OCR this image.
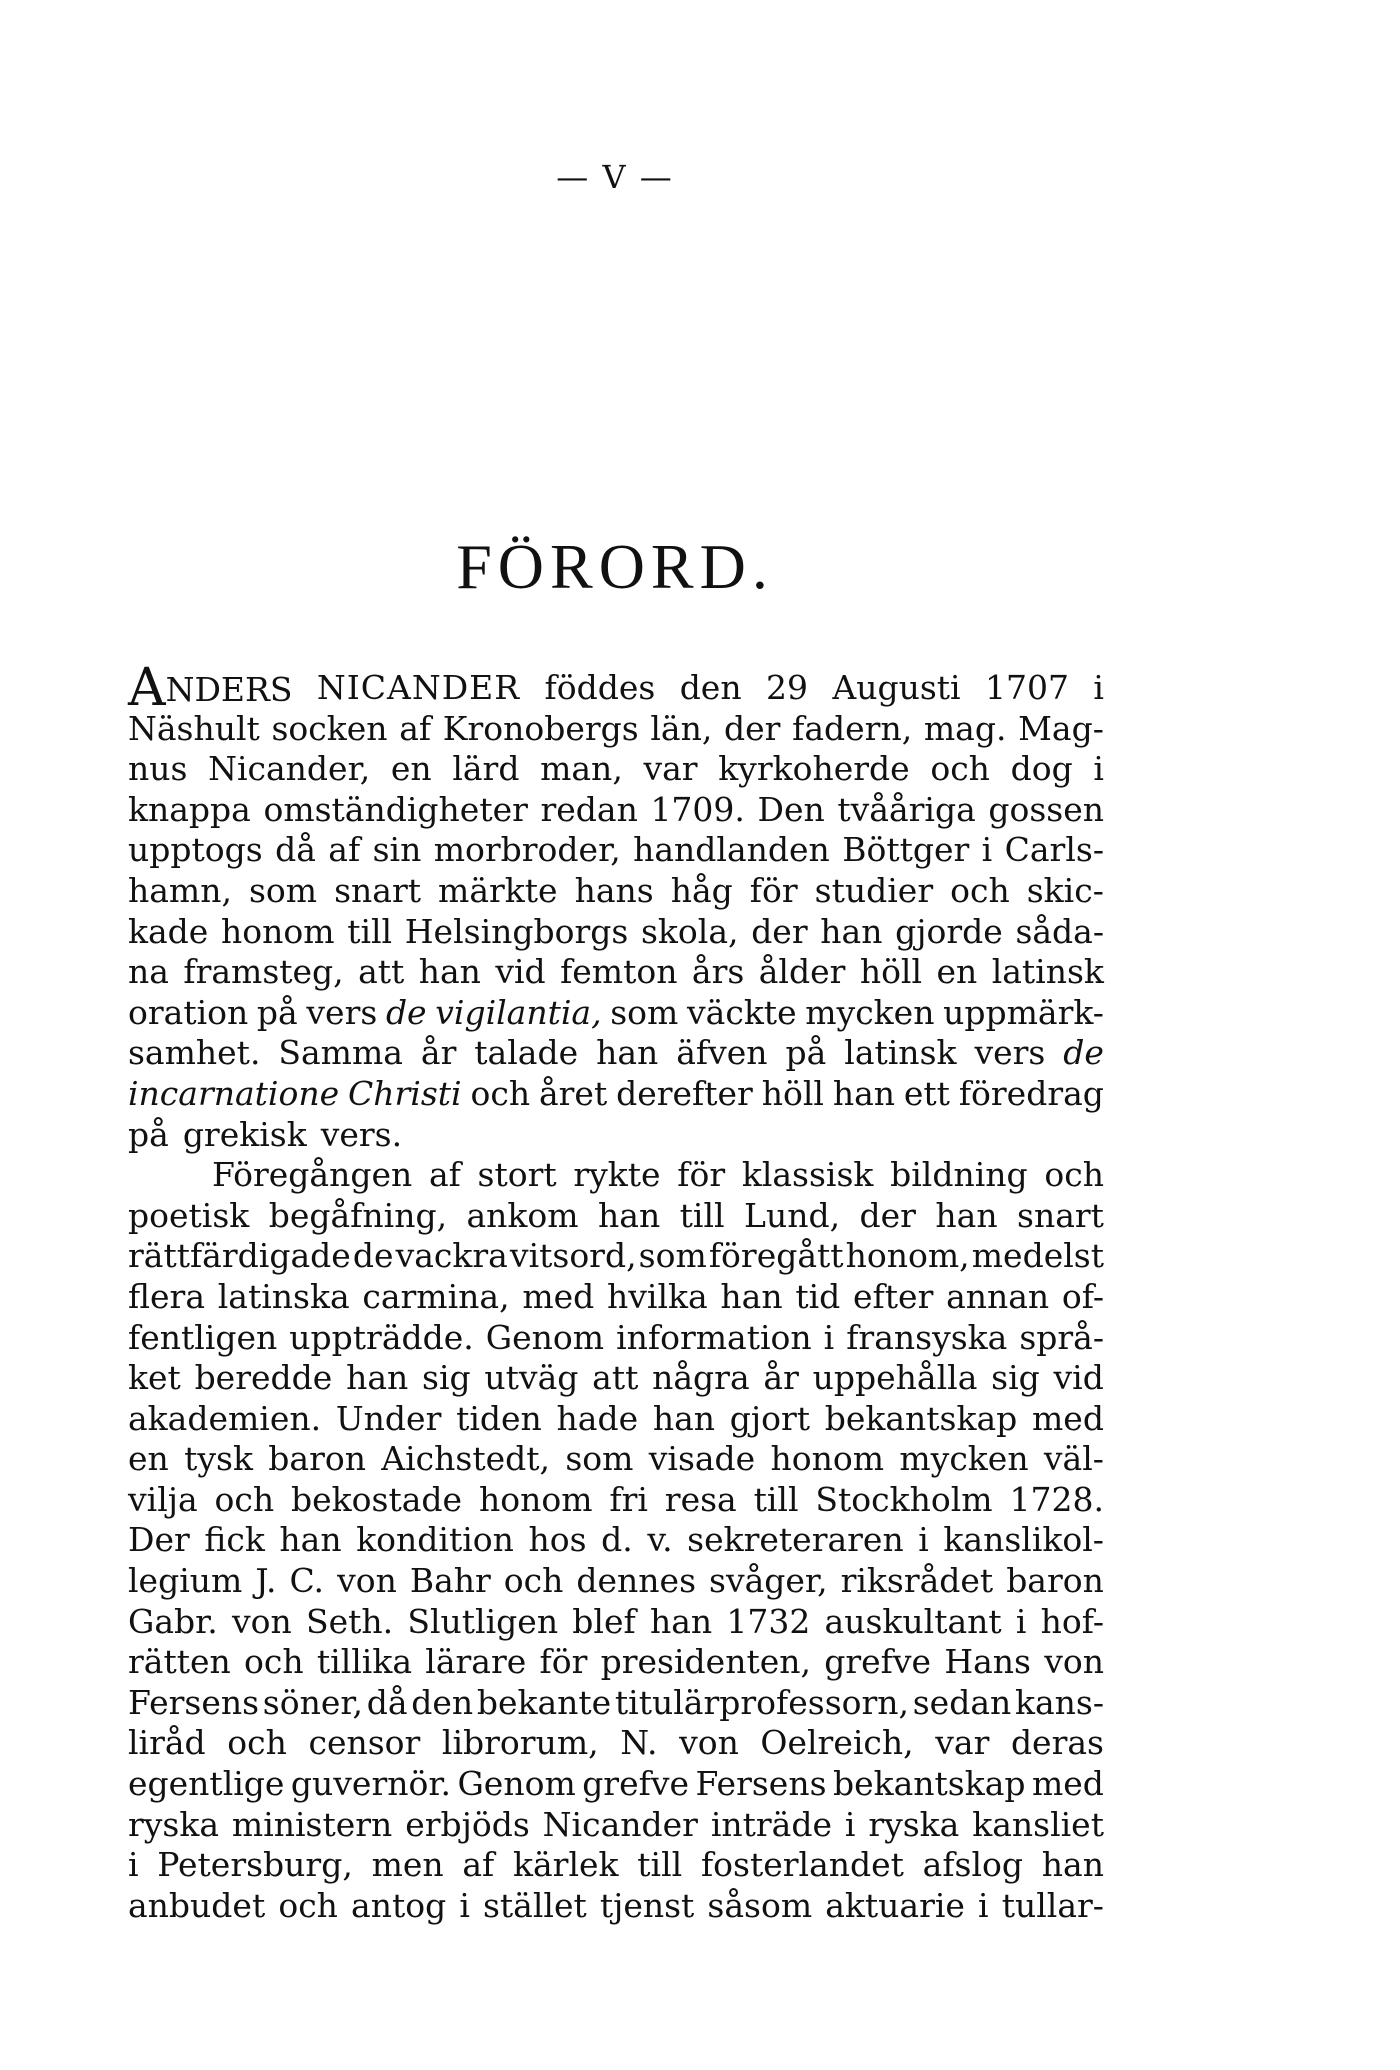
— V —
FÖRORD.
ANDERS NICANDER föddes den 29 Augusti 1707 i
Näshult socken af Kronobergs län, der fadern, mag. Mag-
nus Nicander, en lärd man, var kyrkoherde och dog i
knappa omständigheter redan 1709. Den tvååriga gossen
upptogs då af sin morbroder, handlanden Böttger i Carls-
hamn, som snart märkte hans håg för studier och skic-
kade honom till Helsingborgs skola, der han gjorde såda-
na framsteg, att han vid femton års ålder höll en latinsk
oration på vers de vigilantia, som väckte mycken uppmärk-
samhet. Samma år talade han äfven på latinsk vers de
incarnatione Christi och året derefter höll han ett föredrag
på grekisk vers.
Föregången af stort rykte för klassisk bildning och
poetisk begåfning, ankom han till Lund, der han snart
rättfärdigade de vackra vitsord, som föregått honom, medelst
flera latinska carmina, med hvilka han tid efter annan of-
fentligen uppträdde. Genom information i fransyska språ-
ket beredde han sig utväg att några år uppehålla sig vid
akademien. Under tiden hade han gjort bekantskap med
en tysk baron Aichstedt, som visade honom mycken väl-
vilja och bekostade honom fri resa till Stockholm 1728.
Der fick han kondition hos d. v. sekreteraren i kanslikol-
legium J. C. von Bahr och dennes svåger, riksrådet baron
Gabr. von Seth. Slutligen blef han 1732 auskultant i hof-
rätten och tillika lärare för presidenten, grefve Hans von
Fersens söner, då den bekante titulärprofessorn, sedan kans-
liråd och censor librorum, N. von Oelreich, var deras
egentlige guvernör. Genom grefve Fersens bekantskap med
ryska ministern erbjöds Nicander inträde i ryska kansliet
i Petersburg, men af kärlek till fosterlandet afslog han
anbudet och antog i stället tjenst såsom aktuarie i tullar-
